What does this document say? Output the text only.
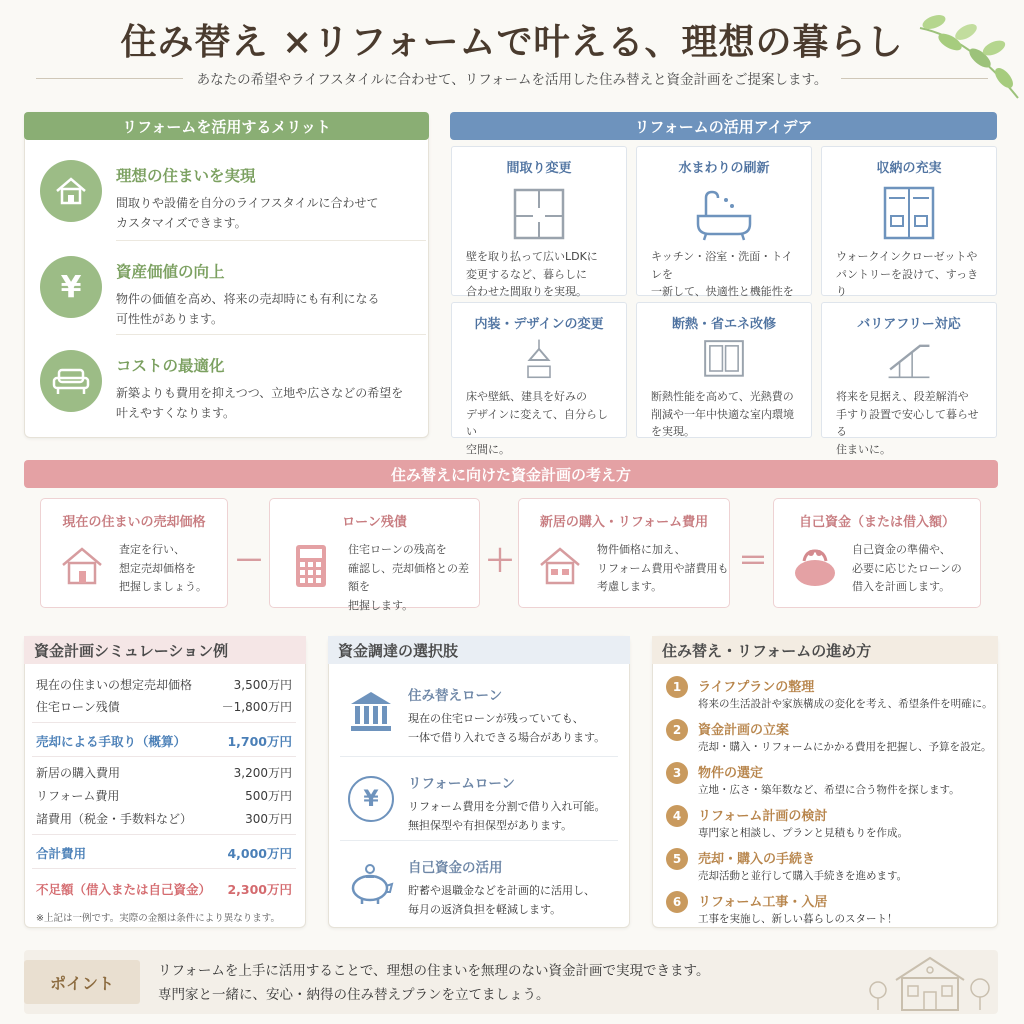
住み替え ×リフォームで叶える、理想の暮らし
あなたの希望やライフスタイルに合わせて、リフォームを活用した住み替えと資金計画をご提案します。
リフォームを活用するメリット
理想の住まいを実現

間取りや設備を自分のライフスタイルに合わせて
カスタマイズできます。

¥	資産価値の向上

物件の価値を高め、将来の売却時にも有利になる
可性性があります。

コストの最適化

新築よりも費用を抑えつつ、立地や広さなどの希望を
叶えやすくなります。

リフォームの活用アイデア
間取り変更

壁を取り払って広いLDKに
変更するなど、暮らしに
合わせた間取りを実現。

水まわりの刷新

キッチン・浴室・洗面・トイレを
一新して、快適性と機能性を

収納の充実

ウォークインクローゼットや
パントリーを設けて、すっきり

内装・デザインの変更

床や壁紙、建具を好みの
デザインに変えて、自分らしい
空間に。

断熱・省エネ改修

断熱性能を高めて、光熱費の
削減や一年中快適な室内環境
を実現。

バリアフリー対応

将来を見据え、段差解消や
手すり設置で安心して暮らせる
住まいに。

住み替えに向けた資金計画の考え方
現在の住まいの売却価格

査定を行い、
想定売却価格を
把握しましょう。

－
ローン残債

住宅ローンの残高を
確認し、売却価格との差額を
把握します。

＋
新居の購入・リフォーム費用

物件価格に加え、
リフォーム費用や諸費用も
考慮します。

＝
自己資金（または借入額）

自己資金の準備や、
必要に応じたローンの
借入を計画します。

資金計画シミュレーション例
現在の住まいの想定売却価格	3,500万円
住宅ローン残債	－1,800万円
売却による手取り（概算）	1,700万円
新居の購入費用	3,200万円
リフォーム費用	500万円
諸費用（税金・手数料など）	300万円
合計費用	4,000万円
不足額（借入または自己資金） 2,300万円
※上記は一例です。実際の金額は条件により異なります。
資金調達の選択肢
住み替えローン

現在の住宅ローンが残っていても、
一体で借り入れできる場合があります。

¥
リフォームローン

リフォーム費用を分割で借り入れ可能。
無担保型や有担保型があります。

自己資金の活用

貯蓄や退職金などを計画的に活用し、
毎月の返済負担を軽減します。

住み替え・リフォームの進め方
1	ライフプランの整理

将来の生活設計や家族構成の変化を考え、希望条件を明確に。

2	資金計画の立案

売却・購入・リフォームにかかる費用を把握し、予算を設定。

3	物件の選定

立地・広さ・築年数など、希望に合う物件を探します。

4	リフォーム計画の検討

専門家と相談し、プランと見積もりを作成。

5	売却・購入の手続き

売却活動と並行して購入手続きを進めます。

6	リフォーム工事・入居

工事を実施し、新しい暮らしのスタート！

ポイント

リフォームを上手に活用することで、理想の住まいを無理のない資金計画で実現できます。
専門家と一緒に、安心・納得の住み替えプランを立てましょう。
